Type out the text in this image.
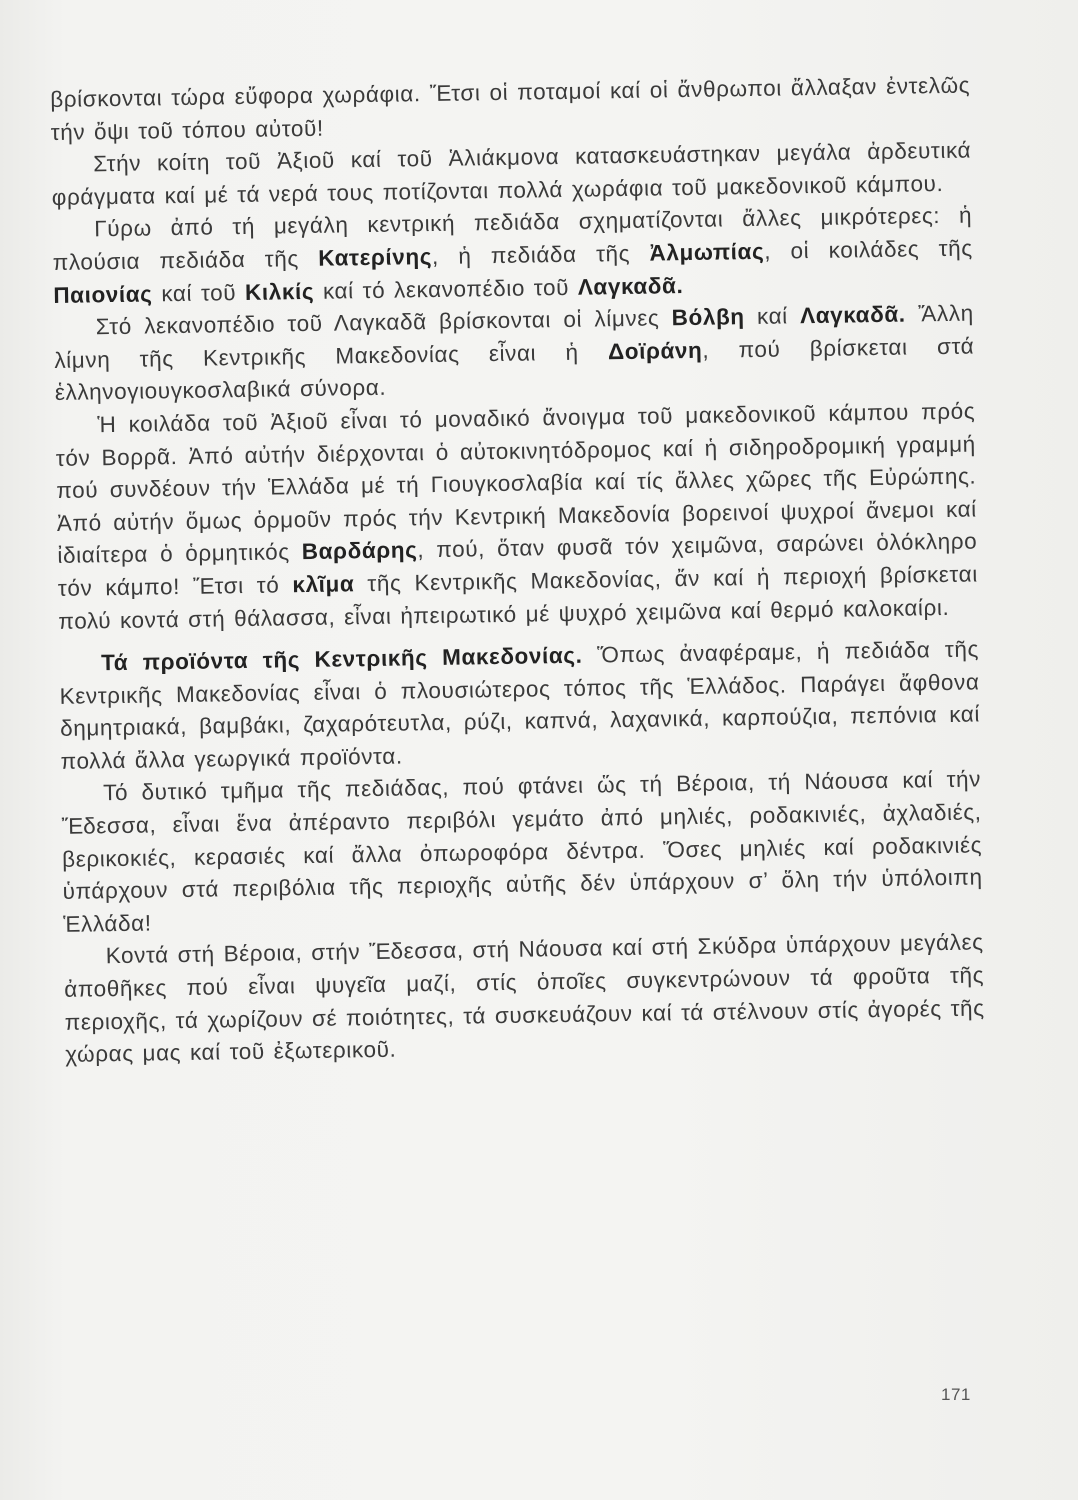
βρίσκονται τώρα εὔφορα χωράφια. Ἔτσι οἱ ποταμοί καί οἱ ἄνθρωποι ἄλλαξαν ἐντελῶς τήν ὄψι τοῦ τόπου αὐτοῦ!

Στήν κοίτη τοῦ Ἀξιοῦ καί τοῦ Ἁλιάκμονα κατασκευάστηκαν μεγάλα ἀρδευτικά φράγματα καί μέ τά νερά τους ποτίζονται πολλά χωράφια τοῦ μακεδονικοῦ κάμπου.

Γύρω ἀπό τή μεγάλη κεντρική πεδιάδα σχηματίζονται ἄλλες μικρότερες: ἡ πλούσια πεδιάδα τῆς Κατερίνης, ἡ πεδιάδα τῆς Ἀλμωπίας, οἱ κοιλάδες τῆς Παιονίας καί τοῦ Κιλκίς καί τό λεκανοπέδιο τοῦ Λαγκαδᾶ.

Στό λεκανοπέδιο τοῦ Λαγκαδᾶ βρίσκονται οἱ λίμνες Βόλβη καί Λαγκαδᾶ. Ἄλλη λίμνη τῆς Κεντρικῆς Μακεδονίας εἶναι ἡ Δοϊράνη, πού βρίσκεται στά ἑλληνογιουγκοσλαβικά σύνορα.

Ἡ κοιλάδα τοῦ Ἀξιοῦ εἶναι τό μοναδικό ἄνοιγμα τοῦ μακεδονικοῦ κάμπου πρός τόν Βορρᾶ. Ἀπό αὐτήν διέρχονται ὁ αὐτοκινητόδρομος καί ἡ σιδηροδρομική γραμμή πού συνδέουν τήν Ἑλλάδα μέ τή Γιουγκοσλαβία καί τίς ἄλλες χῶρες τῆς Εὐρώπης. Ἀπό αὐτήν ὅμως ὁρμοῦν πρός τήν Κεντρική Μακεδονία βορεινοί ψυχροί ἄνεμοι καί ἰδιαίτερα ὁ ὁρμητικός Βαρδάρης, πού, ὅταν φυσᾶ τόν χειμῶνα, σαρώνει ὁλόκληρο τόν κάμπο! Ἔτσι τό κλῖμα τῆς Κεντρικῆς Μακεδονίας, ἄν καί ἡ περιοχή βρίσκεται πολύ κοντά στή θάλασσα, εἶναι ἠπειρωτικό μέ ψυχρό χειμῶνα καί θερμό καλοκαίρι.

Τά προϊόντα τῆς Κεντρικῆς Μακεδονίας. Ὅπως ἀναφέραμε, ἡ πεδιάδα τῆς Κεντρικῆς Μακεδονίας εἶναι ὁ πλουσιώτερος τόπος τῆς Ἑλλάδος. Παράγει ἄφθονα δημητριακά, βαμβάκι, ζαχαρότευτλα, ρύζι, καπνά, λαχανικά, καρπούζια, πεπόνια καί πολλά ἄλλα γεωργικά προϊόντα.

Τό δυτικό τμῆμα τῆς πεδιάδας, πού φτάνει ὥς τή Βέροια, τή Νάουσα καί τήν Ἔδεσσα, εἶναι ἕνα ἀπέραντο περιβόλι γεμάτο ἀπό μηλιές, ροδακινιές, ἀχλαδιές, βερικοκιές, κερασιές καί ἄλλα ὀπωροφόρα δέντρα. Ὅσες μηλιές καί ροδακινιές ὑπάρχουν στά περιβόλια τῆς περιοχῆς αὐτῆς δέν ὑπάρχουν σ’ ὅλη τήν ὑπόλοιπη Ἑλλάδα!

Κοντά στή Βέροια, στήν Ἔδεσσα, στή Νάουσα καί στή Σκύδρα ὑπάρχουν μεγάλες ἀποθῆκες πού εἶναι ψυγεῖα μαζί, στίς ὁποῖες συγκεντρώνουν τά φροῦτα τῆς περιοχῆς, τά χωρίζουν σέ ποιότητες, τά συσκευάζουν καί τά στέλνουν στίς ἀγορές τῆς χώρας μας καί τοῦ ἐξωτερικοῦ.

171
